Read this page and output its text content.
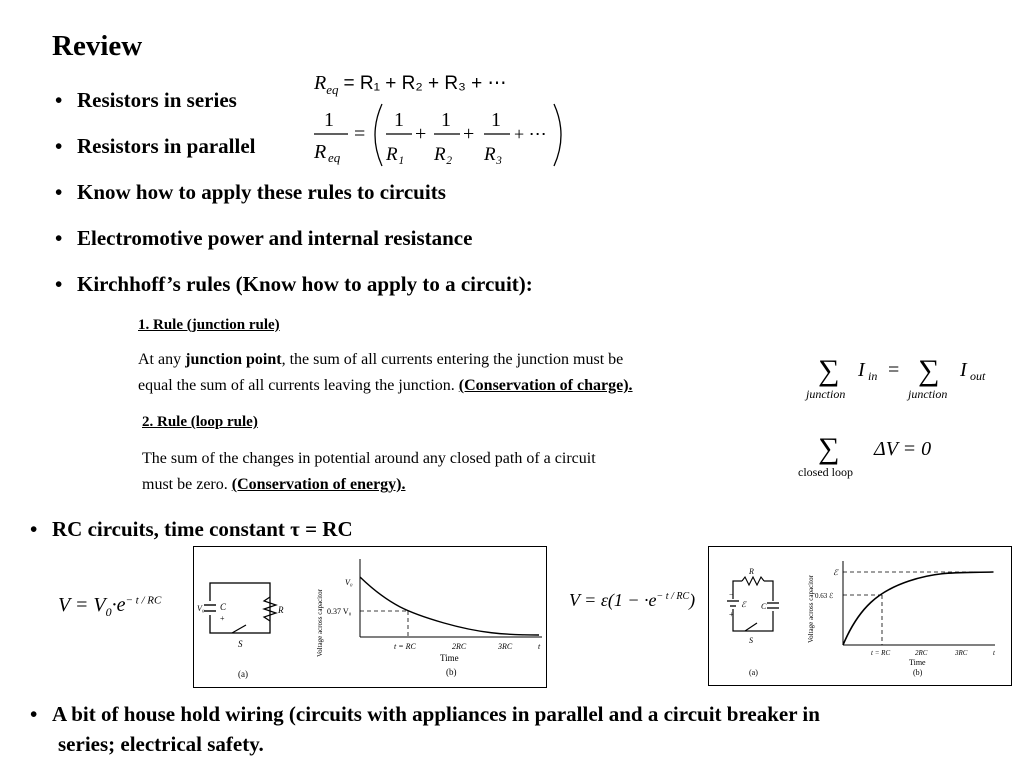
Review
• Resistors in series
• Resistors in parallel
• Know how to apply these rules to circuits
• Electromotive power and internal resistance
• Kirchhoff’s rules (Know how to apply to a circuit):
$R_{eq} = R_1 + R_2 + R_3$ + ⋯
1
R eq
=
1
R₁
+
1
R₂
+
1
R₃
+ ⋯
1. Rule (junction rule)
At any junction point, the sum of all currents entering the junction must be
equal the sum of all currents leaving the junction. (Conservation of charge).	∑
junction
I in = ∑
junction
I out
2. Rule (loop rule)
The sum of the changes in potential around any closed path of a circuit
must be zero. (Conservation of energy).
∑
closed loop
ΔV = 0
• RC circuits, time constant τ = RC
$V = V_0\cdot e^{- t / RC}$
V₀ C
+
R
S
(a)
V₀
0.37 V₀
t = RC	2RC	3RC	t
Time
(b)
Voltage across capacitor	$V = \varepsilon(1 - \cdot e^{- t / RC})$
R
ℰ C
−
+
S
(a)
ℰ
0.63 ℰ
t = RC	2RC	3RC	t
Time
(b)
Voltage across capacitor
• A bit of house hold wiring (circuits with appliances in parallel and a circuit breaker in
series; electrical safety.
